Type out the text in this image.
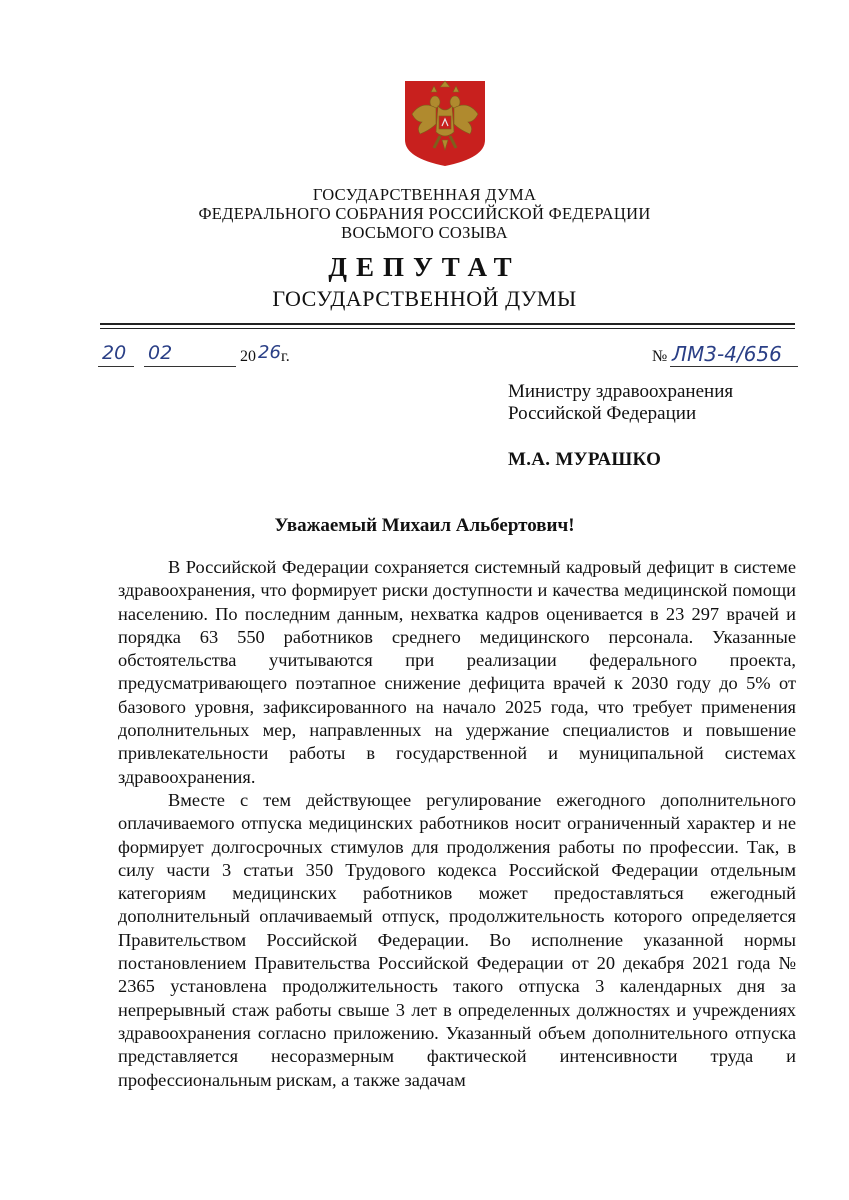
ГОСУДАРСТВЕННАЯ ДУМА
ФЕДЕРАЛЬНОГО СОБРАНИЯ РОССИЙСКОЙ ФЕДЕРАЦИИ
ВОСЬМОГО СОЗЫВА
ДЕПУТАТ
ГОСУДАРСТВЕННОЙ ДУМЫ
20 02	20 26 г.	№ ЛМ3-4/656
Министру здравоохранения
Российской Федерации
М.А. МУРАШКО
Уважаемый Михаил Альбертович!

В Российской Федерации сохраняется системный кадровый дефицит в системе здравоохранения, что формирует риски доступности и качества медицинской помощи населению. По последним данным, нехватка кадров оценивается в 23 297 врачей и порядка 63 550 работников среднего медицинского персонала. Указанные обстоятельства учитываются при реализации федерального проекта, предусматривающего поэтапное снижение дефицита врачей к 2030 году до 5% от базового уровня, зафиксированного на начало 2025 года, что требует применения дополнительных мер, направленных на удержание специалистов и повышение привлекательности работы в государственной и муниципальной системах здравоохранения.

Вместе с тем действующее регулирование ежегодного дополнительного оплачиваемого отпуска медицинских работников носит ограниченный характер и не формирует долгосрочных стимулов для продолжения работы по профессии. Так, в силу части 3 статьи 350 Трудового кодекса Российской Федерации отдельным категориям медицинских работников может предоставляться ежегодный дополнительный оплачиваемый отпуск, продолжительность которого определяется Правительством Российской Федерации. Во исполнение указанной нормы постановлением Правительства Российской Федерации от 20 декабря 2021 года № 2365 установлена продолжительность такого отпуска 3 календарных дня за непрерывный стаж работы свыше 3 лет в определенных должностях и учреждениях здравоохранения согласно приложению. Указанный объем дополнительного отпуска представляется несоразмерным фактической интенсивности труда и профессиональным рискам, а также задачам
